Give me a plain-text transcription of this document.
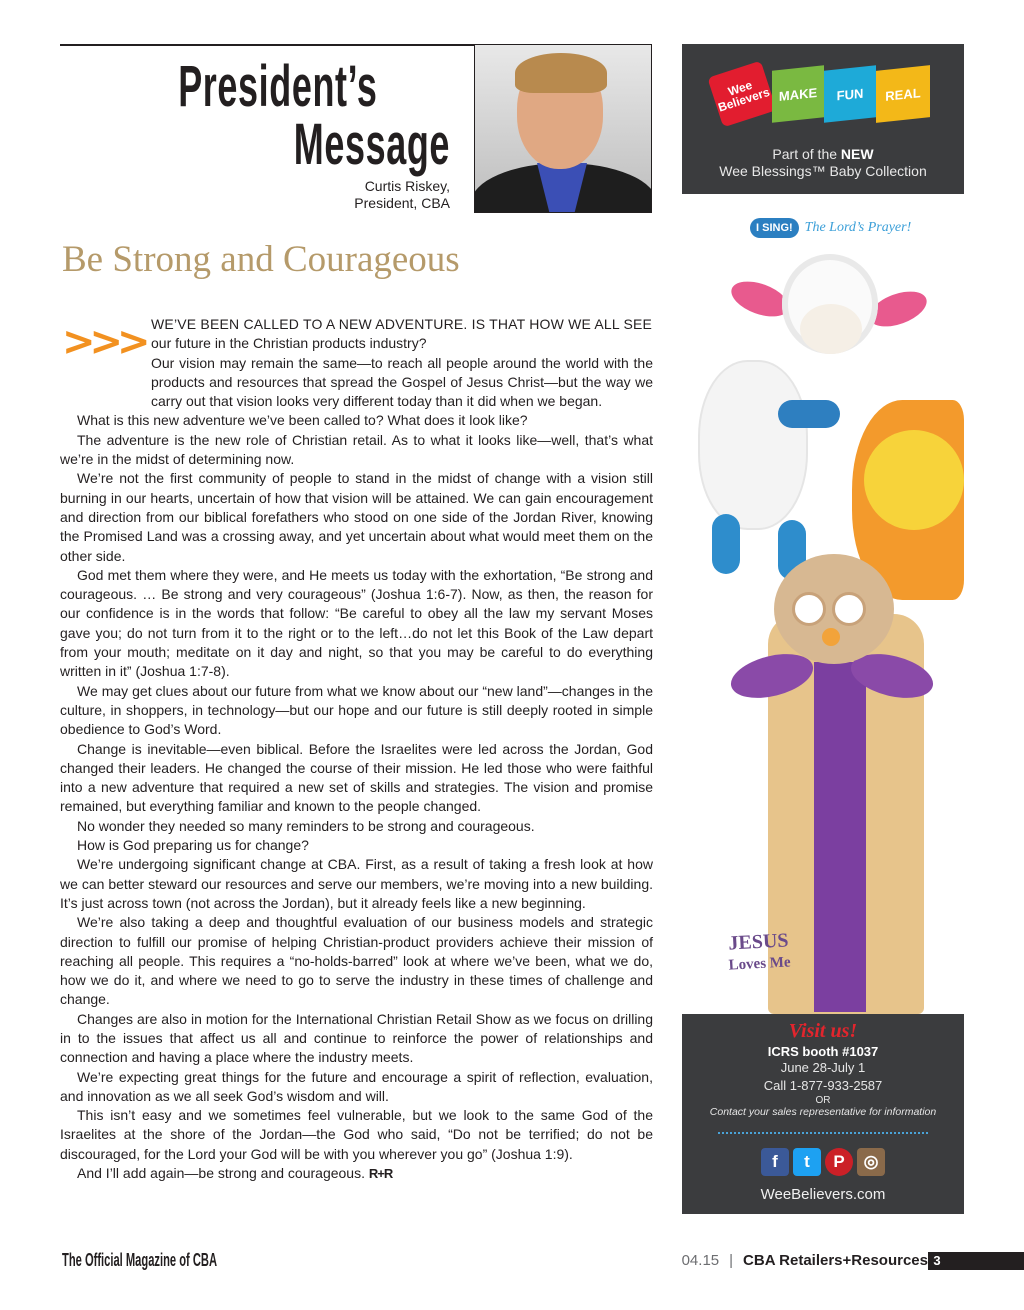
President’s
Message
Curtis Riskey,
President, CBA
Be Strong and Courageous
>>> WE’VE BEEN CALLED TO A NEW ADVENTURE. IS THAT HOW WE ALL SEE

our future in the Christian products industry?

Our vision may remain the same—to reach all people around the world with the products and resources that spread the Gospel of Jesus Christ—but the way we carry out that vision looks very different today than it did when we began.

What is this new adventure we’ve been called to? What does it look like?

The adventure is the new role of Christian retail. As to what it looks like—well, that’s what we’re in the midst of determining now.

We’re not the first community of people to stand in the midst of change with a vision still burning in our hearts, uncertain of how that vision will be attained. We can gain encouragement and direction from our biblical forefathers who stood on one side of the Jordan River, knowing the Promised Land was a crossing away, and yet uncertain about what would meet them on the other side.

God met them where they were, and He meets us today with the exhortation, “Be strong and courageous. … Be strong and very courageous” (Joshua 1:6-7). Now, as then, the reason for our confidence is in the words that follow: “Be careful to obey all the law my servant Moses gave you; do not turn from it to the right or to the left…do not let this Book of the Law depart from your mouth; meditate on it day and night, so that you may be careful to do everything written in it” (Joshua 1:7-8).

We may get clues about our future from what we know about our “new land”—changes in the culture, in shoppers, in technology—but our hope and our future is still deeply rooted in simple obedience to God’s Word.

Change is inevitable—even biblical. Before the Israelites were led across the Jordan, God changed their leaders. He changed the course of their mission. He led those who were faithful into a new adventure that required a new set of skills and strategies. The vision and promise remained, but everything familiar and known to the people changed.

No wonder they needed so many reminders to be strong and courageous.

How is God preparing us for change?

We’re undergoing significant change at CBA. First, as a result of taking a fresh look at how we can better steward our resources and serve our members, we’re moving into a new building. It’s just across town (not across the Jordan), but it already feels like a new beginning.

We’re also taking a deep and thoughtful evaluation of our business models and strategic direction to fulfill our promise of helping Christian-product providers achieve their mission of reaching all people. This requires a “no-holds-barred” look at where we’ve been, what we do, how we do it, and where we need to go to serve the industry in these times of challenge and change.

Changes are also in motion for the International Christian Retail Show as we focus on drilling in to the issues that affect us all and continue to reinforce the power of relationships and connection and having a place where the industry meets.

We’re expecting great things for the future and encourage a spirit of reflection, evaluation, and innovation as we all seek God’s wisdom and will.

This isn’t easy and we sometimes feel vulnerable, but we look to the same God of the Israelites at the shore of the Jordan—the God who said, “Do not be terrified; do not be discouraged, for the Lord your God will be with you wherever you go” (Joshua 1:9).

And I’ll add again—be strong and courageous. R+R

Wee Believers MAKE	FUN	REAL
Part of the NEW
Wee Blessings™ Baby Collection
I SING! The Lord’s Prayer!
JESUS
Loves Me
Visit us!
ICRS booth #1037
June 28-July 1
Call 1-877-933-2587
OR
Contact your sales representative for information
f	t	P	◎
WeeBelievers.com
The Official Magazine of CBA	04.15 | CBA Retailers+Resources 3
